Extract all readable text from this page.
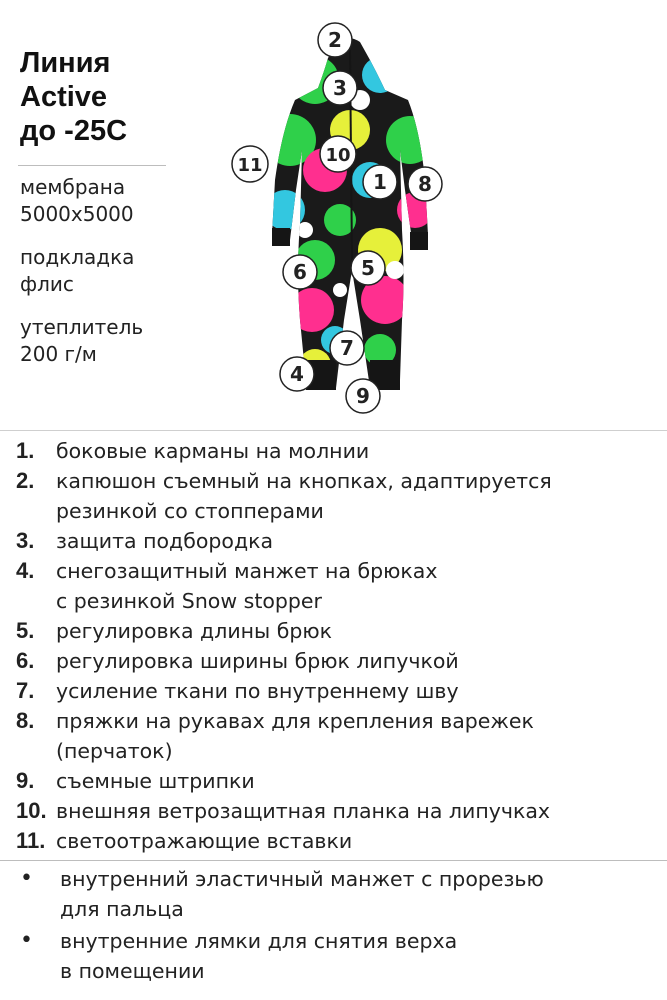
Линия
Active
до -25С
мембрана
5000х5000
подкладка
флис
утеплитель
200 г/м
2
3
10
11
1 8
6	5
7
4
9
1.	боковые карманы на молнии
2.	капюшон съемный на кнопках, адаптируется
резинкой со стопперами
3.	защита подбородка
4.	снегозащитный манжет на брюках
с резинкой Snow stopper
5.	регулировка длины брюк
6.	регулировка ширины брюк липучкой
7.	усиление ткани по внутреннему шву
8.	пряжки на рукавах для крепления варежек
(перчаток)
9.	съемные штрипки
10. внешняя ветрозащитная планка на липучках
11. светоотражающие вставки
•	внутренний эластичный манжет с прорезью
для пальца
•	внутренние лямки для снятия верха
в помещении
